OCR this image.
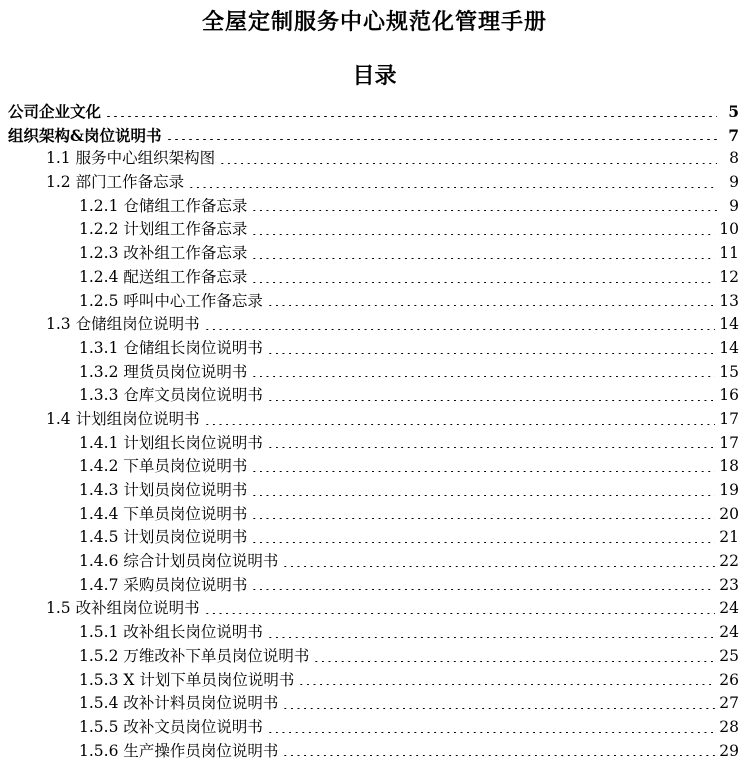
全屋定制服务中心规范化管理手册
目录
公司企业文化	5
组织架构&岗位说明书	7
1.1 服务中心组织架构图	8
1.2 部门工作备忘录	9
1.2.1 仓储组工作备忘录	9
1.2.2 计划组工作备忘录	10
1.2.3 改补组工作备忘录	11
1.2.4 配送组工作备忘录	12
1.2.5 呼叫中心工作备忘录	13
1.3 仓储组岗位说明书	14
1.3.1 仓储组长岗位说明书	14
1.3.2 理货员岗位说明书	15
1.3.3 仓库文员岗位说明书	16
1.4 计划组岗位说明书	17
1.4.1 计划组长岗位说明书	17
1.4.2 下单员岗位说明书	18
1.4.3 计划员岗位说明书	19
1.4.4 下单员岗位说明书	20
1.4.5 计划员岗位说明书	21
1.4.6 综合计划员岗位说明书	22
1.4.7 采购员岗位说明书	23
1.5 改补组岗位说明书	24
1.5.1 改补组长岗位说明书	24
1.5.2 万维改补下单员岗位说明书	25
1.5.3 X 计划下单员岗位说明书	26
1.5.4 改补计料员岗位说明书	27
1.5.5 改补文员岗位说明书	28
1.5.6 生产操作员岗位说明书	29
